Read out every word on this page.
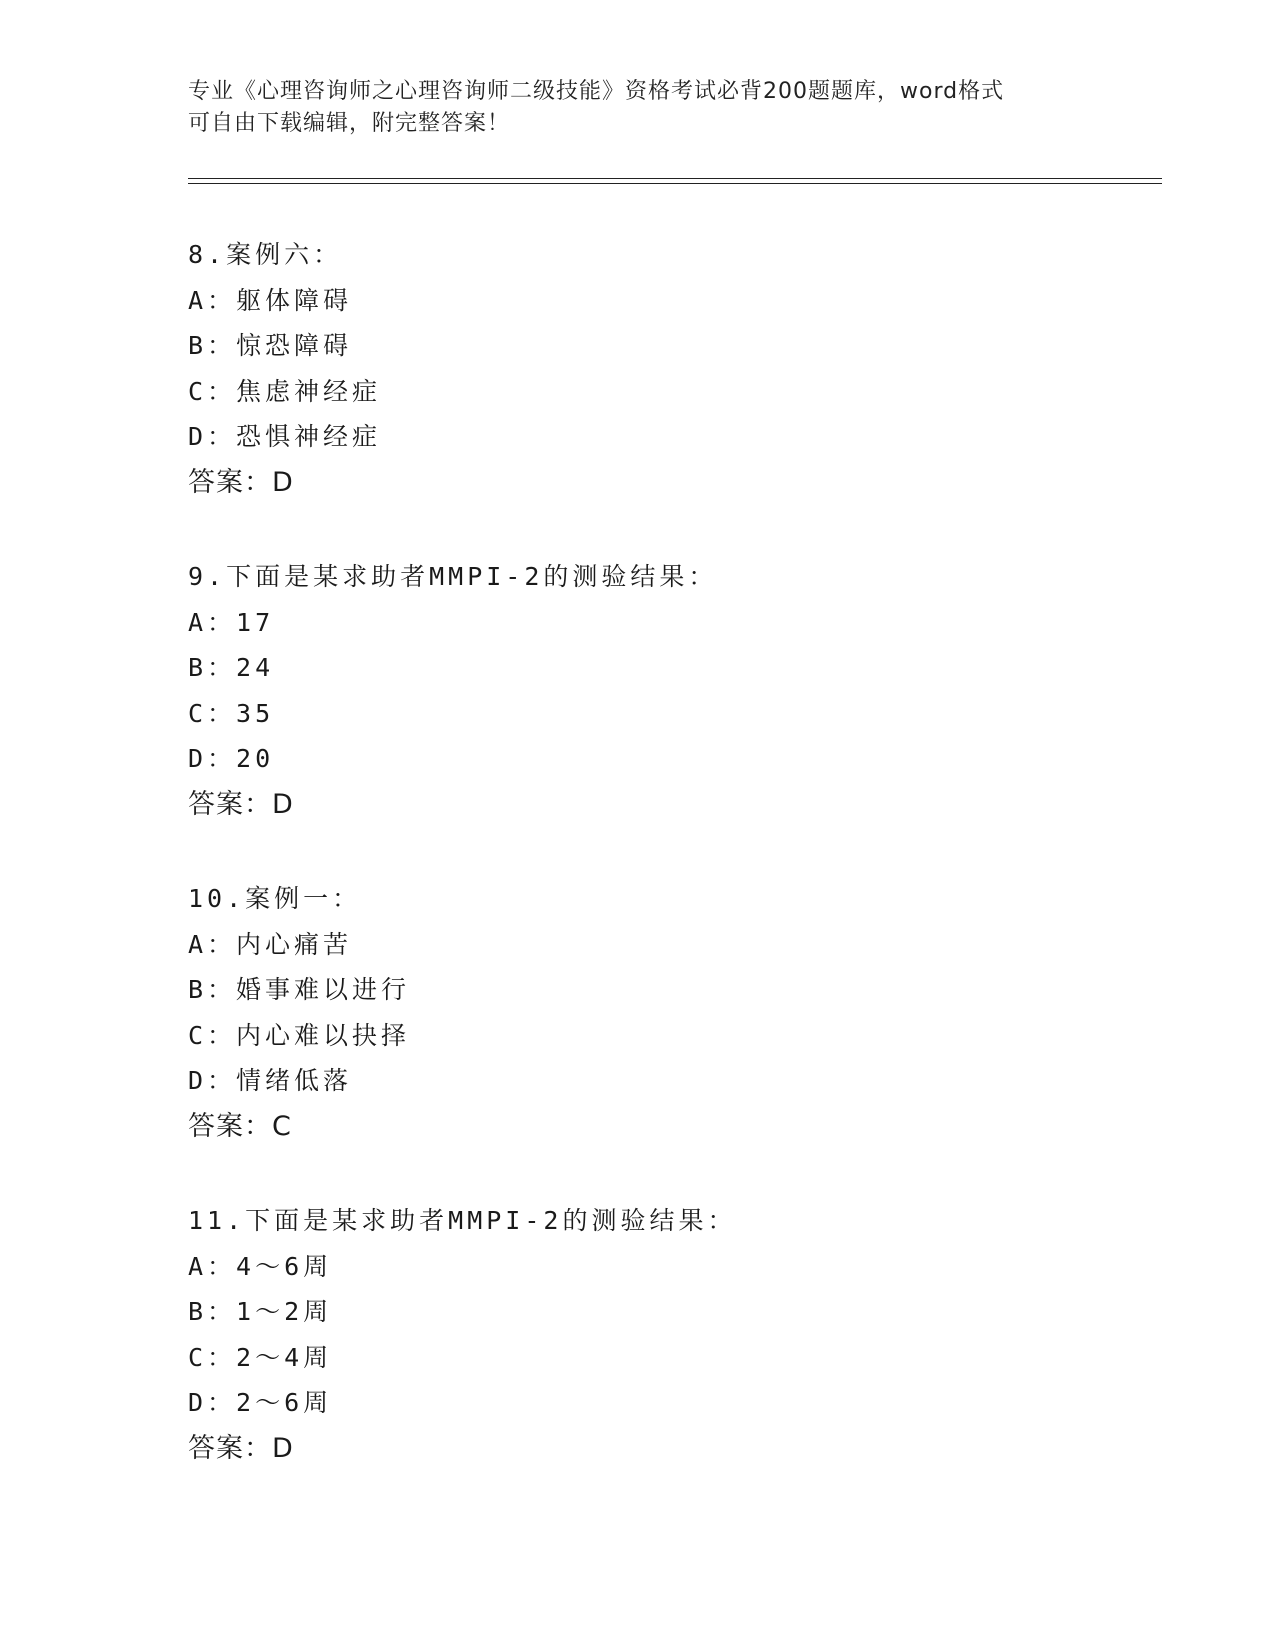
专业《心理咨询师之心理咨询师二级技能》资格考试必背200题题库，word格式
可自由下载编辑，附完整答案！
8.案例六：
A：躯体障碍
B：惊恐障碍
C：焦虑神经症
D：恐惧神经症
答案：D
9.下面是某求助者MMPI-2的测验结果：
A：17
B：24
C：35
D：20
答案：D
10.案例一：
A：内心痛苦
B：婚事难以进行
C：内心难以抉择
D：情绪低落
答案：C
11.下面是某求助者MMPI-2的测验结果：
A：4～6周
B：1～2周
C：2～4周
D：2～6周
答案：D
